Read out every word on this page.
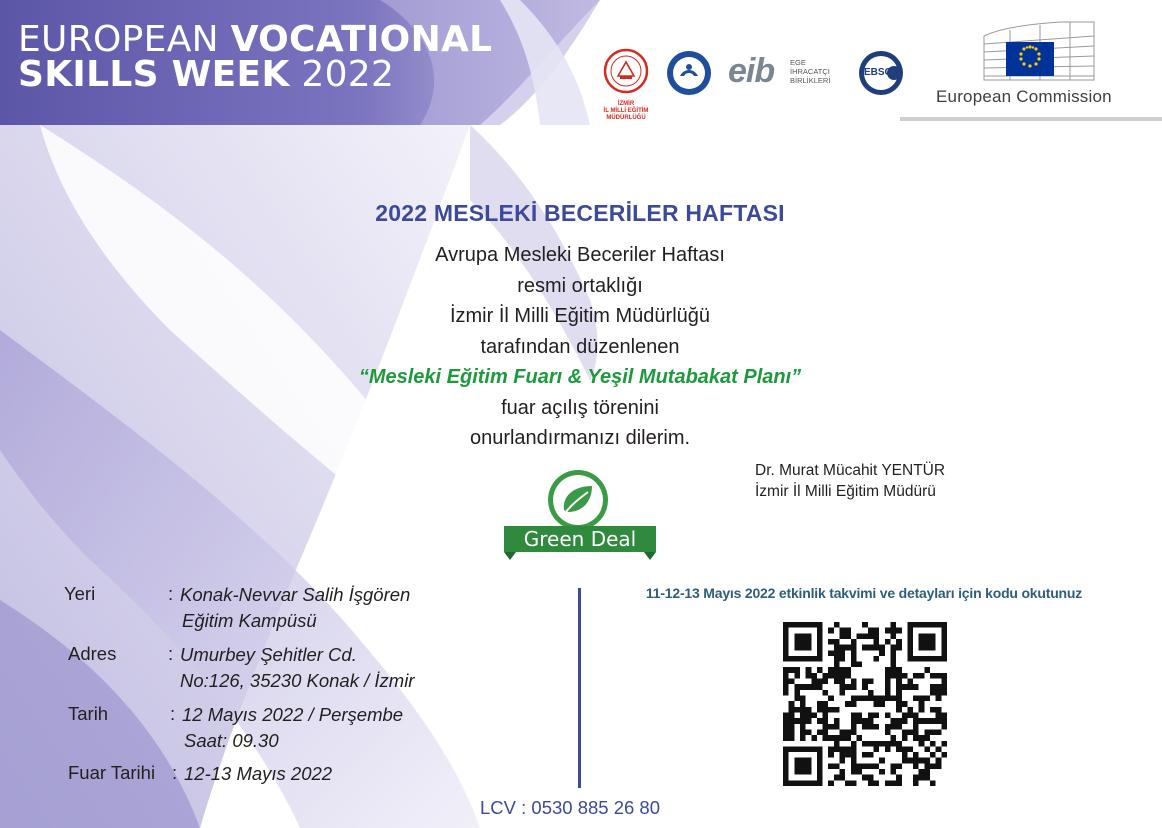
EUROPEAN VOCATIONAL
SKILLS WEEK 2022
İZMİR
İL MİLLİ EĞİTİM
MÜDÜRLÜĞÜ
eib EGE
İHRACATÇI
BİRLİKLERİ
EBSO
European Commission
2022 MESLEKİ BECERİLER HAFTASI
Avrupa Mesleki Beceriler Haftası
resmi ortaklığı
İzmir İl Milli Eğitim Müdürlüğü
tarafından düzenlenen
“Mesleki Eğitim Fuarı & Yeşil Mutabakat Planı”
fuar açılış törenini
onurlandırmanızı dilerim.
Dr. Murat Mücahit YENTÜR
İzmir İl Milli Eğitim Müdürü
Green Deal
Yeri	: Konak-Nevvar Salih İşgören
Eğitim Kampüsü
Adres	: Umurbey Şehitler Cd.
No:126, 35230 Konak / İzmir
Tarih	: 12 Mayıs 2022 / Perşembe
Saat: 09.30
Fuar Tarihi : 12-13 Mayıs 2022
11-12-13 Mayıs 2022 etkinlik takvimi ve detayları için kodu okutunuz
LCV : 0530 885 26 80
